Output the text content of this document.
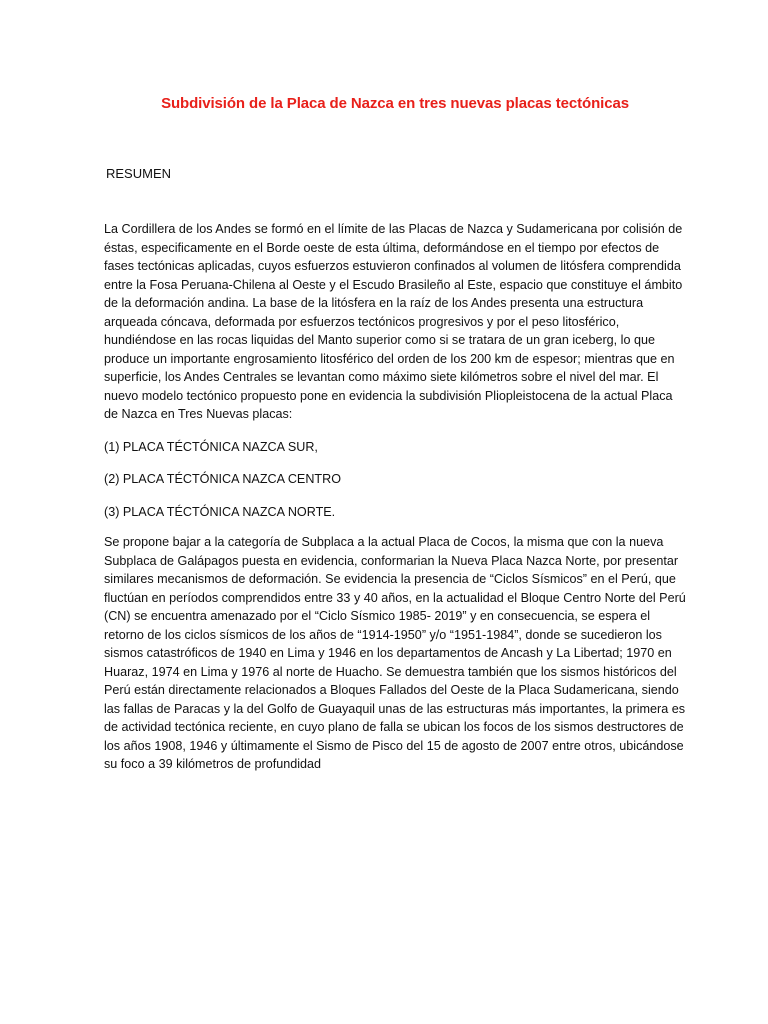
Subdivisión de la Placa de Nazca en tres nuevas placas tectónicas
RESUMEN

La Cordillera de los Andes se formó en el límite de las Placas de Nazca y Sudamericana por colisión de éstas, especificamente en el Borde oeste de esta última, deformándose en el tiempo por efectos de fases tectónicas aplicadas, cuyos esfuerzos estuvieron confinados al volumen de litósfera comprendida entre la Fosa Peruana-Chilena al Oeste y el Escudo Brasileño al Este, espacio que constituye el ámbito de la deformación andina. La base de la litósfera en la raíz de los Andes presenta una estructura arqueada cóncava, deformada por esfuerzos tectónicos progresivos y por el peso litosférico, hundiéndose en las rocas liquidas del Manto superior como si se tratara de un gran iceberg, lo que produce un importante engrosamiento litosférico del orden de los 200 km de espesor; mientras que en superficie, los Andes Centrales se levantan como máximo siete kilómetros sobre el nivel del mar. El nuevo modelo tectónico propuesto pone en evidencia la subdivisión Pliopleistocena de la actual Placa de Nazca en Tres Nuevas placas:

(1) PLACA TÉCTÓNICA NAZCA SUR,

(2) PLACA TÉCTÓNICA NAZCA CENTRO

(3) PLACA TÉCTÓNICA NAZCA NORTE.

Se propone bajar a la categoría de Subplaca a la actual Placa de Cocos, la misma que con la nueva Subplaca de Galápagos puesta en evidencia, conformarian la Nueva Placa Nazca Norte, por presentar similares mecanismos de deformación. Se evidencia la presencia de “Ciclos Sísmicos” en el Perú, que fluctúan en períodos comprendidos entre 33 y 40 años, en la actualidad el Bloque Centro Norte del Perú (CN) se encuentra amenazado por el “Ciclo Sísmico 1985- 2019” y en consecuencia, se espera el retorno de los ciclos sísmicos de los años de “1914-1950” y/o “1951-1984”, donde se sucedieron los sismos catastróficos de 1940 en Lima y 1946 en los departamentos de Ancash y La Libertad; 1970 en Huaraz, 1974 en Lima y 1976 al norte de Huacho. Se demuestra también que los sismos históricos del Perú están directamente relacionados a Bloques Fallados del Oeste de la Placa Sudamericana, siendo las fallas de Paracas y la del Golfo de Guayaquil unas de las estructuras más importantes, la primera es de actividad tectónica reciente, en cuyo plano de falla se ubican los focos de los sismos destructores de los años 1908, 1946 y últimamente el Sismo de Pisco del 15 de agosto de 2007 entre otros, ubicándose su foco a 39 kilómetros de profundidad
